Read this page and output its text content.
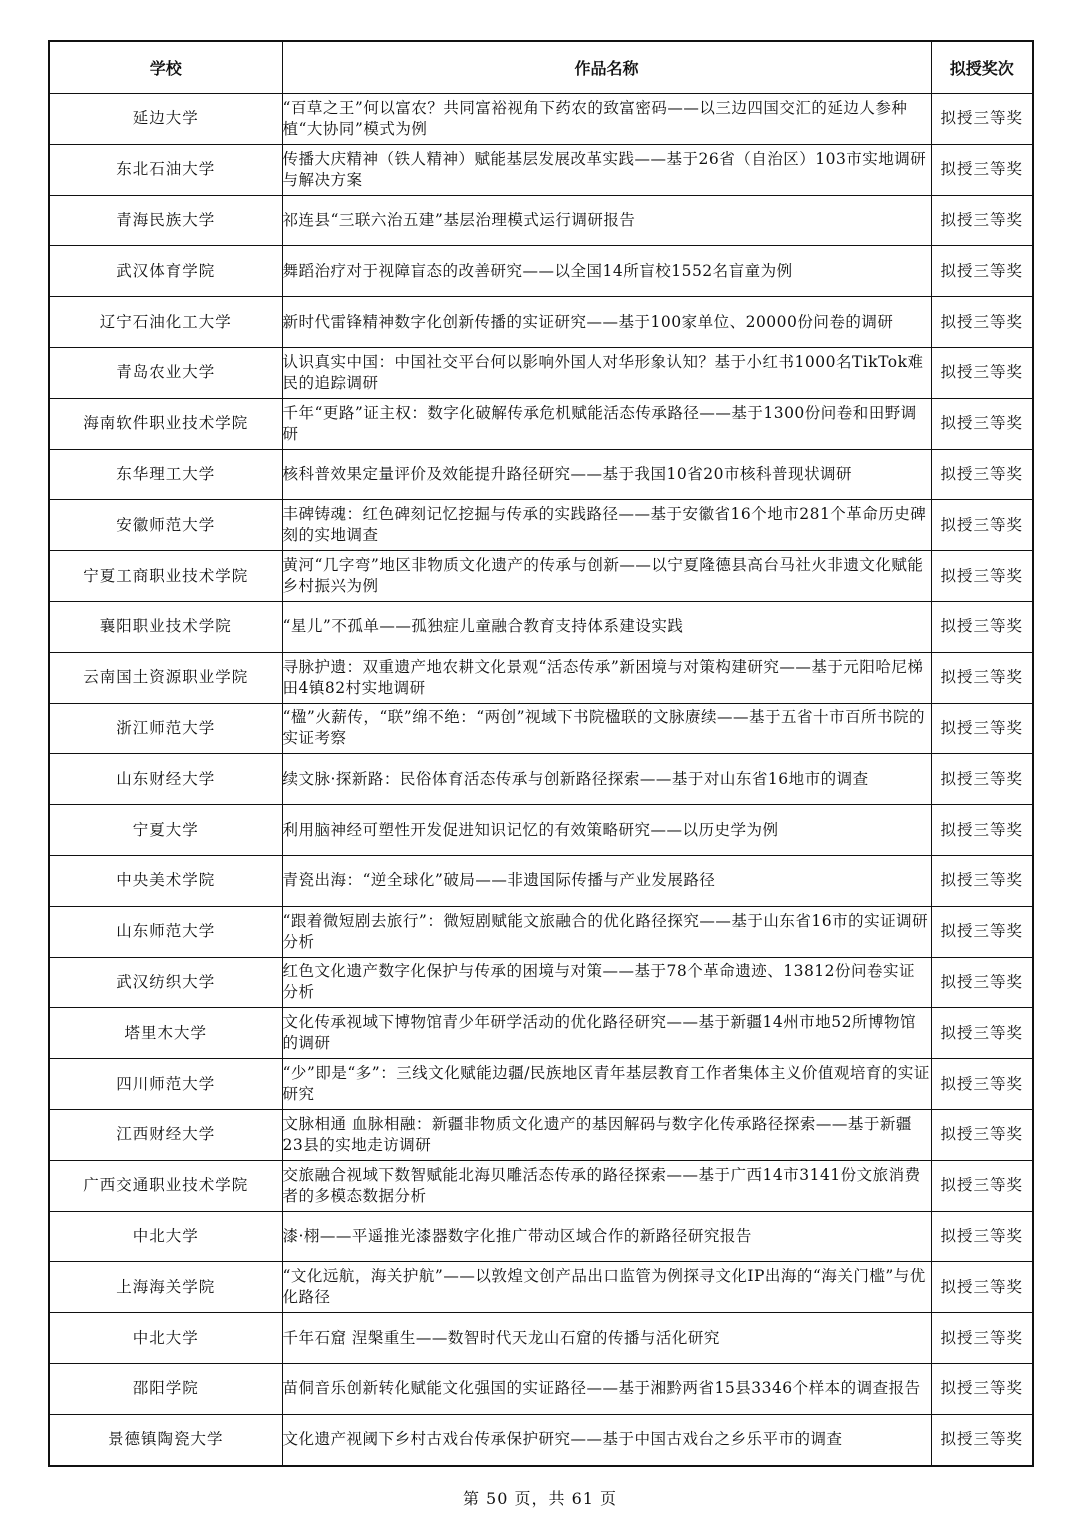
学校	作品名称	拟授奖次
延边大学	“百草之王”何以富农？共同富裕视角下药农的致富密码——以三边四国交汇的延边人参种植“大协同”模式为例	拟授三等奖
东北石油大学	传播大庆精神（铁人精神）赋能基层发展改革实践——基于26省（自治区）103市实地调研与解决方案	拟授三等奖
青海民族大学	祁连县“三联六治五建”基层治理模式运行调研报告	拟授三等奖
武汉体育学院	舞蹈治疗对于视障盲态的改善研究——以全国14所盲校1552名盲童为例	拟授三等奖
辽宁石油化工大学	新时代雷锋精神数字化创新传播的实证研究——基于100家单位、20000份问卷的调研	拟授三等奖
青岛农业大学	认识真实中国：中国社交平台何以影响外国人对华形象认知？基于小红书1000名TikTok难民的追踪调研	拟授三等奖
海南软件职业技术学院	千年“更路”证主权：数字化破解传承危机赋能活态传承路径——基于1300份问卷和田野调研	拟授三等奖
东华理工大学	核科普效果定量评价及效能提升路径研究——基于我国10省20市核科普现状调研	拟授三等奖
安徽师范大学	丰碑铸魂：红色碑刻记忆挖掘与传承的实践路径——基于安徽省16个地市281个革命历史碑刻的实地调查	拟授三等奖
宁夏工商职业技术学院	黄河“几字弯”地区非物质文化遗产的传承与创新——以宁夏隆德县高台马社火非遗文化赋能乡村振兴为例	拟授三等奖
襄阳职业技术学院	“星儿”不孤单——孤独症儿童融合教育支持体系建设实践	拟授三等奖
云南国土资源职业学院	寻脉护遗：双重遗产地农耕文化景观“活态传承”新困境与对策构建研究——基于元阳哈尼梯田4镇82村实地调研	拟授三等奖
浙江师范大学	“楹”火薪传，“联”绵不绝：“两创”视域下书院楹联的文脉赓续——基于五省十市百所书院的实证考察	拟授三等奖
山东财经大学	续文脉·探新路：民俗体育活态传承与创新路径探索——基于对山东省16地市的调查	拟授三等奖
宁夏大学	利用脑神经可塑性开发促进知识记忆的有效策略研究——以历史学为例	拟授三等奖
中央美术学院	青瓷出海：“逆全球化”破局——非遗国际传播与产业发展路径	拟授三等奖
山东师范大学	“跟着微短剧去旅行”：微短剧赋能文旅融合的优化路径探究——基于山东省16市的实证调研分析	拟授三等奖
武汉纺织大学	红色文化遗产数字化保护与传承的困境与对策——基于78个革命遗迹、13812份问卷实证分析	拟授三等奖
塔里木大学	文化传承视域下博物馆青少年研学活动的优化路径研究——基于新疆14州市地52所博物馆的调研	拟授三等奖
四川师范大学	“少”即是“多”：三线文化赋能边疆/民族地区青年基层教育工作者集体主义价值观培育的实证研究	拟授三等奖
江西财经大学	文脉相通 血脉相融：新疆非物质文化遗产的基因解码与数字化传承路径探索——基于新疆23县的实地走访调研	拟授三等奖
广西交通职业技术学院	交旅融合视域下数智赋能北海贝雕活态传承的路径探索——基于广西14市3141份文旅消费者的多模态数据分析	拟授三等奖
中北大学	漆·栩——平遥推光漆器数字化推广带动区域合作的新路径研究报告	拟授三等奖
上海海关学院	“文化远航，海关护航”——以敦煌文创产品出口监管为例探寻文化IP出海的“海关门槛”与优化路径	拟授三等奖
中北大学	千年石窟 涅槃重生——数智时代天龙山石窟的传播与活化研究	拟授三等奖
邵阳学院	苗侗音乐创新转化赋能文化强国的实证路径——基于湘黔两省15县3346个样本的调查报告	拟授三等奖
景德镇陶瓷大学	文化遗产视阈下乡村古戏台传承保护研究——基于中国古戏台之乡乐平市的调查	拟授三等奖
第 50 页，共 61 页
